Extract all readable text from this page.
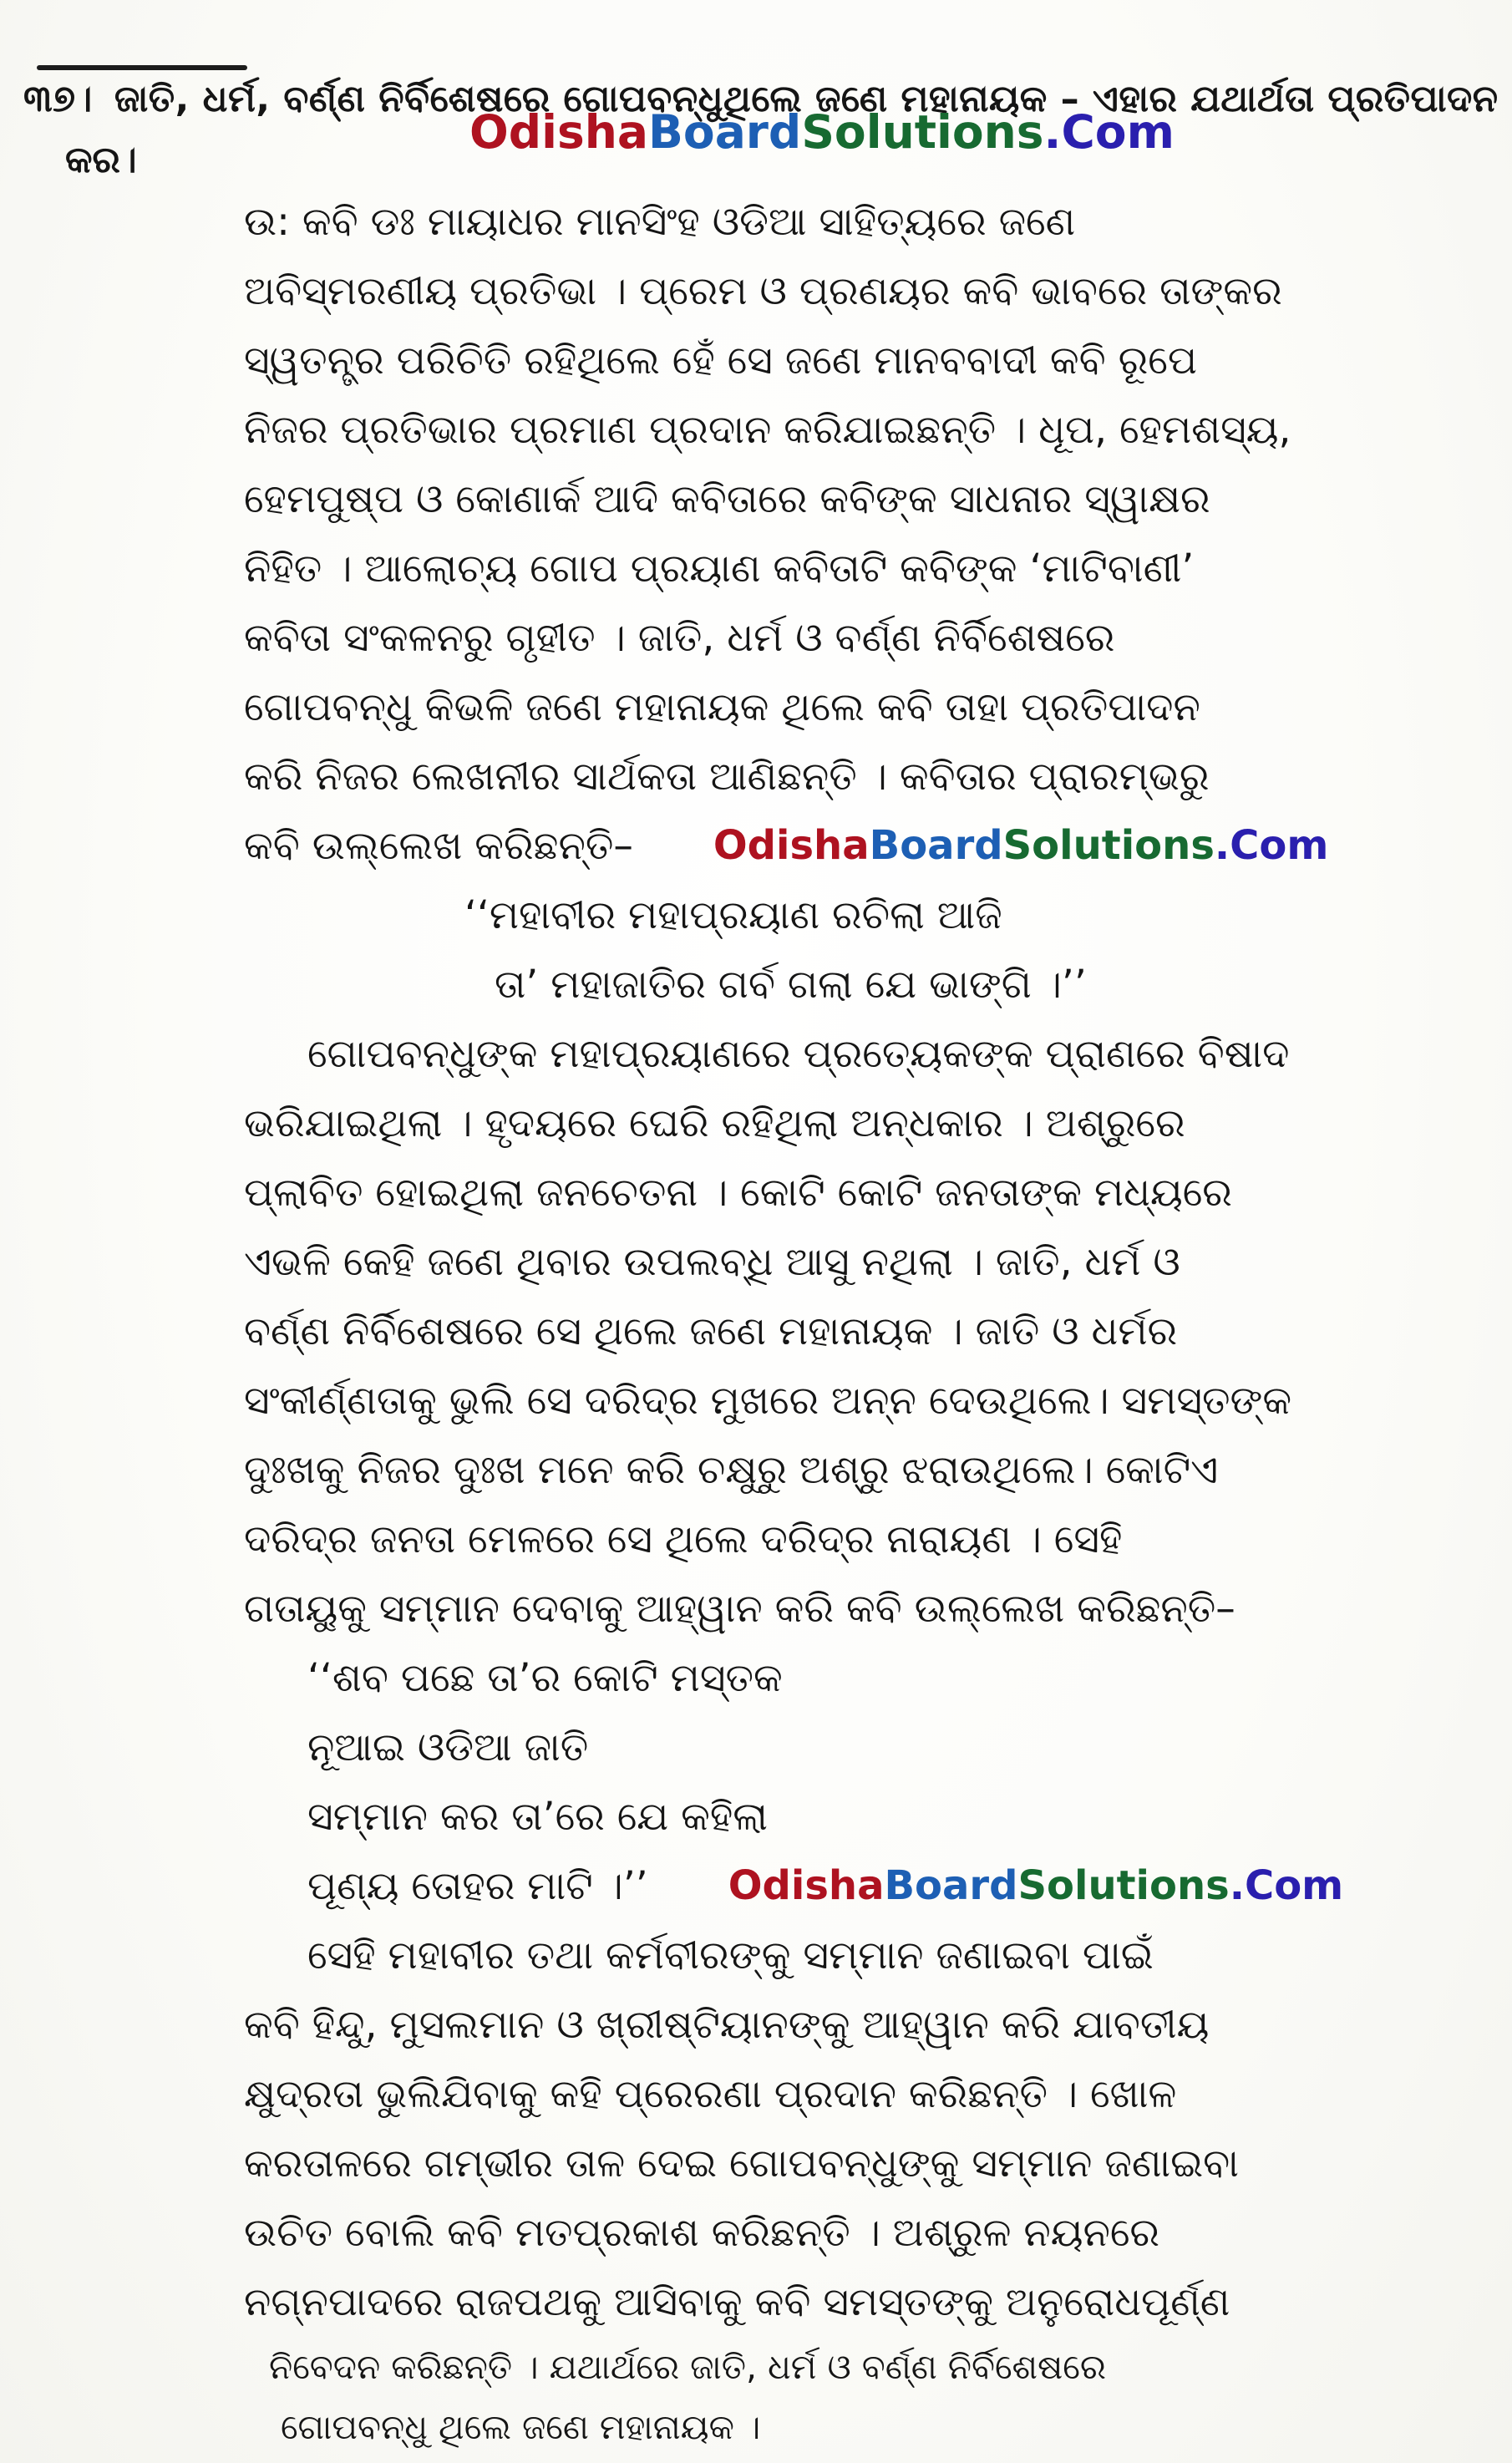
୩୭। ଜାତି, ଧର୍ମ, ବର୍ଣ୍ଣ ନିର୍ବିଶେଷରେ ଗୋପବନ୍ଧୁଥିଲେ ଜଣେ ମହାନାୟକ – ଏହାର ଯଥାର୍ଥତା ପ୍ରତିପାଦନ
କର।
OdishaBoardSolutions.Com
ଉ: କବି ଡଃ ମାୟାଧର ମାନସିଂହ ଓଡିଆ ସାହିତ୍ୟରେ ଜଣେ
ଅବିସ୍ମରଣୀୟ ପ୍ରତିଭା । ପ୍ରେମ ଓ ପ୍ରଣୟର କବି ଭାବରେ ତାଙ୍କର
ସ୍ୱତନ୍ତ୍ର ପରିଚିତି ରହିଥିଲେ ହେଁ ସେ ଜଣେ ମାନବବାଦୀ କବି ରୂପେ
ନିଜର ପ୍ରତିଭାର ପ୍ରମାଣ ପ୍ରଦାନ କରିଯାଇଛନ୍ତି । ଧୂପ, ହେମଶସ୍ୟ,
ହେମପୁଷ୍ପ ଓ କୋଣାର୍କ ଆଦି କବିତାରେ କବିଙ୍କ ସାଧନାର ସ୍ୱାକ୍ଷର
ନିହିତ । ଆଲୋଚ୍ୟ ଗୋପ ପ୍ରୟାଣ କବିତାଟି କବିଙ୍କ ‘ମାଟିବାଣୀ’
କବିତା ସଂକଳନରୁ ଗୃହୀତ । ଜାତି, ଧର୍ମ ଓ ବର୍ଣ୍ଣ ନିର୍ବିଶେଷରେ
ଗୋପବନ୍ଧୁ କିଭଳି ଜଣେ ମହାନାୟକ ଥିଲେ କବି ତାହା ପ୍ରତିପାଦନ
କରି ନିଜର ଲେଖନୀର ସାର୍ଥକତା ଆଣିଛନ୍ତି । କବିତାର ପ୍ରାରମ୍ଭରୁ
କବି ଉଲ୍ଲେଖ କରିଛନ୍ତି– OdishaBoardSolutions.Com
‘‘ମହାବୀର ମହାପ୍ରୟାଣ ରଚିଲା ଆଜି
ତା’ ମହାଜାତିର ଗର୍ବ ଗଲା ଯେ ଭାଙ୍ଗି ।’’
ଗୋପବନ୍ଧୁଙ୍କ ମହାପ୍ରୟାଣରେ ପ୍ରତ୍ୟେକଙ୍କ ପ୍ରାଣରେ ବିଷାଦ
ଭରିଯାଇଥିଲା । ହୃଦୟରେ ଘେରି ରହିଥିଲା ଅନ୍ଧକାର । ଅଶ୍ରୁରେ
ପ୍ଲାବିତ ହୋଇଥିଲା ଜନଚେତନା । କୋଟି କୋଟି ଜନତାଙ୍କ ମଧ୍ୟରେ
ଏଭଳି କେହି ଜଣେ ଥିବାର ଉପଲବ୍ଧି ଆସୁ ନଥିଲା । ଜାତି, ଧର୍ମ ଓ
ବର୍ଣ୍ଣ ନିର୍ବିଶେଷରେ ସେ ଥିଲେ ଜଣେ ମହାନାୟକ । ଜାତି ଓ ଧର୍ମର
ସଂକୀର୍ଣ୍ଣତାକୁ ଭୁଲି ସେ ଦରିଦ୍ର ମୁଖରେ ଅନ୍ନ ଦେଉଥିଲେ। ସମସ୍ତଙ୍କ
ଦୁଃଖକୁ ନିଜର ଦୁଃଖ ମନେ କରି ଚକ୍ଷୁରୁ ଅଶ୍ରୁ ଝରାଉଥିଲେ। କୋଟିଏ
ଦରିଦ୍ର ଜନତା ମେଳରେ ସେ ଥିଲେ ଦରିଦ୍ର ନାରାୟଣ । ସେହି
ଗତାୟୁକୁ ସମ୍ମାନ ଦେବାକୁ ଆହ୍ୱାନ କରି କବି ଉଲ୍ଲେଖ କରିଛନ୍ତି–
‘‘ଶବ ପଛେ ତା’ର କୋଟି ମସ୍ତକ
ନୂଆଇ ଓଡିଆ ଜାତି
ସମ୍ମାନ କର ତା’ରେ ଯେ କହିଲା
ପୂଣ୍ୟ ତୋହର ମାଟି ।’’ OdishaBoardSolutions.Com
ସେହି ମହାବୀର ତଥା କର୍ମବୀରଙ୍କୁ ସମ୍ମାନ ଜଣାଇବା ପାଇଁ
କବି ହିନ୍ଦୁ, ମୁସଲମାନ ଓ ଖ୍ରୀଷ୍ଟିୟାନଙ୍କୁ ଆହ୍ୱାନ କରି ଯାବତୀୟ
କ୍ଷୁଦ୍ରତା ଭୁଲିଯିବାକୁ କହି ପ୍ରେରଣା ପ୍ରଦାନ କରିଛନ୍ତି । ଖୋଳ
କରତାଳରେ ଗମ୍ଭୀର ତାଳ ଦେଇ ଗୋପବନ୍ଧୁଙ୍କୁ ସମ୍ମାନ ଜଣାଇବା
ଉଚିତ ବୋଲି କବି ମତପ୍ରକାଶ କରିଛନ୍ତି । ଅଶ୍ରୁଳ ନୟନରେ
ନଗ୍ନପାଦରେ ରାଜପଥକୁ ଆସିବାକୁ କବି ସମସ୍ତଙ୍କୁ ଅନୁରୋଧପୂର୍ଣ୍ଣ
ନିବେଦନ କରିଛନ୍ତି । ଯଥାର୍ଥରେ ଜାତି, ଧର୍ମ ଓ ବର୍ଣ୍ଣ ନିର୍ବିଶେଷରେ
ଗୋପବନ୍ଧୁ ଥିଲେ ଜଣେ ମହାନାୟକ ।
